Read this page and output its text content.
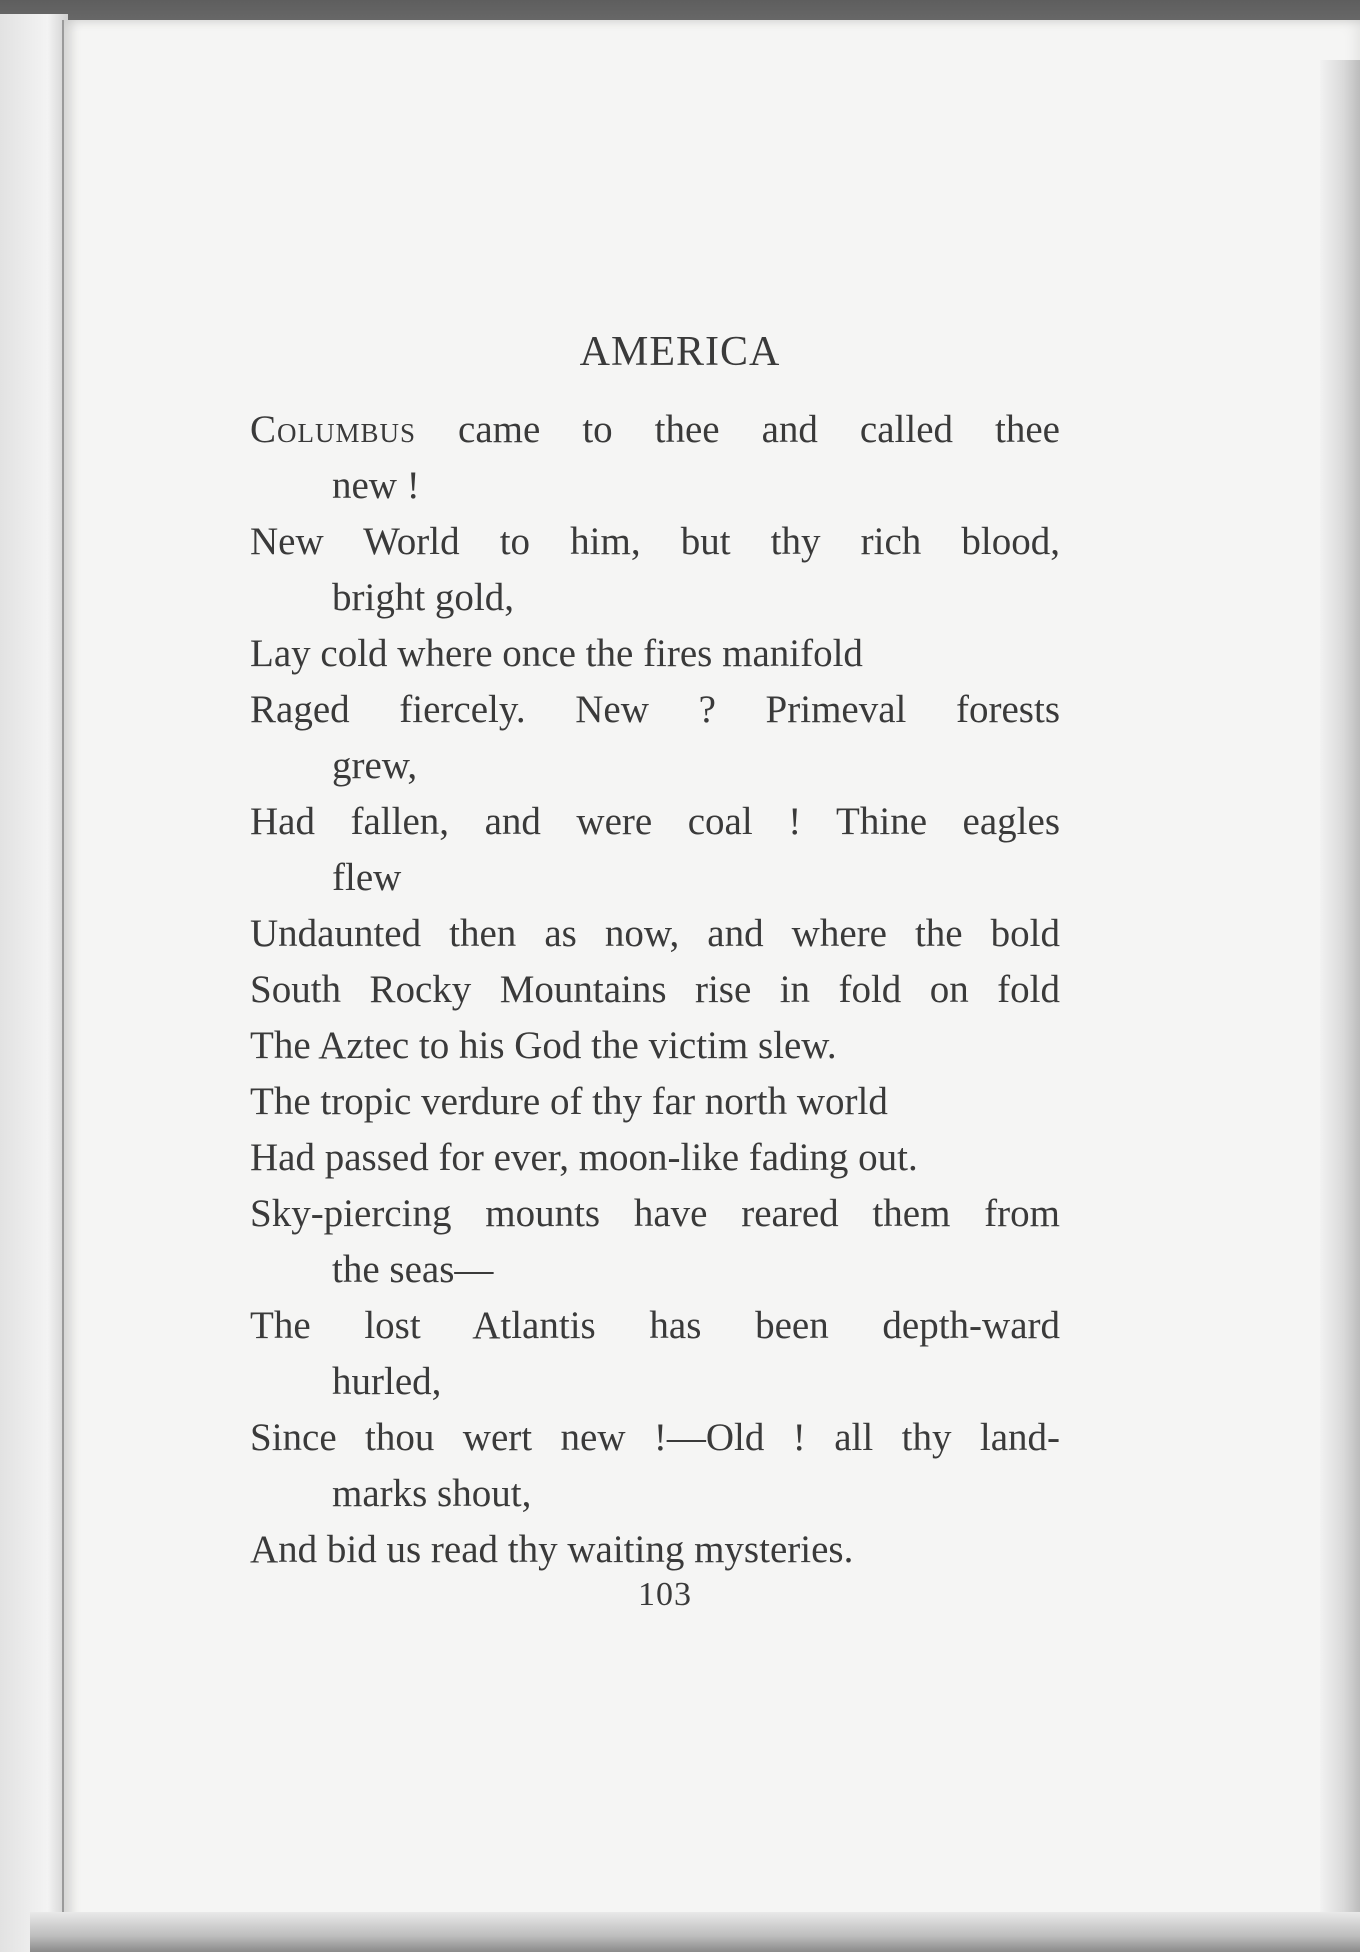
AMERICA
Columbus came to thee and called thee
new !
New World to him, but thy rich blood,
bright gold,
Lay cold where once the fires manifold
Raged fiercely. New ? Primeval forests
grew,
Had fallen, and were coal ! Thine eagles
flew
Undaunted then as now, and where the bold
South Rocky Mountains rise in fold on fold
The Aztec to his God the victim slew.
The tropic verdure of thy far north world
Had passed for ever, moon-like fading out.
Sky-piercing mounts have reared them from
the seas—
The lost Atlantis has been depth-ward
hurled,
Since thou wert new !—Old ! all thy land-
marks shout,
And bid us read thy waiting mysteries.
103
